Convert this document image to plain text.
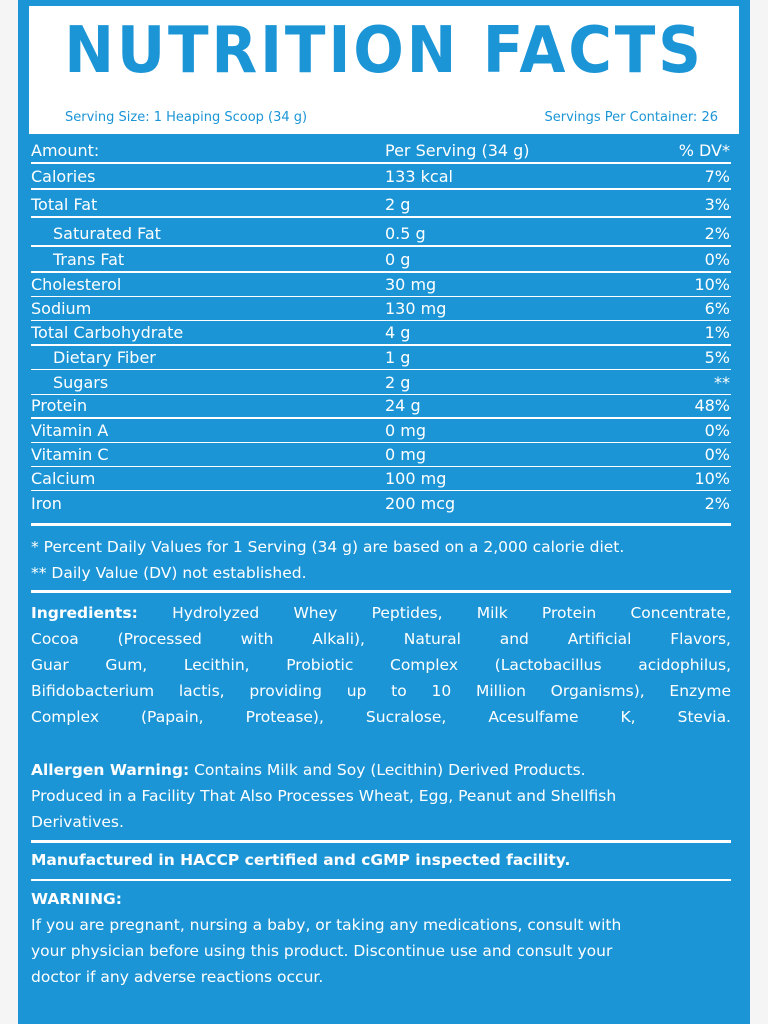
NUTRITION FACTS
Serving Size: 1 Heaping Scoop (34 g)	Servings Per Container: 26
Amount:	Per Serving (34 g)	% DV*
Calories	133 kcal	7%
Total Fat	2 g	3%
Saturated Fat	0.5 g	2%
Trans Fat	0 g	0%
Cholesterol	30 mg	10%
Sodium	130 mg	6%
Total Carbohydrate	4 g	1%
Dietary Fiber	1 g	5%
Sugars	2 g	**
Protein	24 g	48%
Vitamin A	0 mg	0%
Vitamin C	0 mg	0%
Calcium	100 mg	10%
Iron	200 mcg	2%
* Percent Daily Values for 1 Serving (34 g) are based on a 2,000 calorie diet.
** Daily Value (DV) not established.
Ingredients: Hydrolyzed Whey Peptides, Milk Protein Concentrate,
Cocoa (Processed with Alkali), Natural and Artificial Flavors,
Guar Gum, Lecithin, Probiotic Complex (Lactobacillus acidophilus,
Bifidobacterium lactis, providing up to 10 Million Organisms), Enzyme
Complex (Papain, Protease), Sucralose, Acesulfame K, Stevia.
Allergen Warning: Contains Milk and Soy (Lecithin) Derived Products.
Produced in a Facility That Also Processes Wheat, Egg, Peanut and Shellfish
Derivatives.
Manufactured in HACCP certified and cGMP inspected facility.
WARNING:
If you are pregnant, nursing a baby, or taking any medications, consult with
your physician before using this product. Discontinue use and consult your
doctor if any adverse reactions occur.
